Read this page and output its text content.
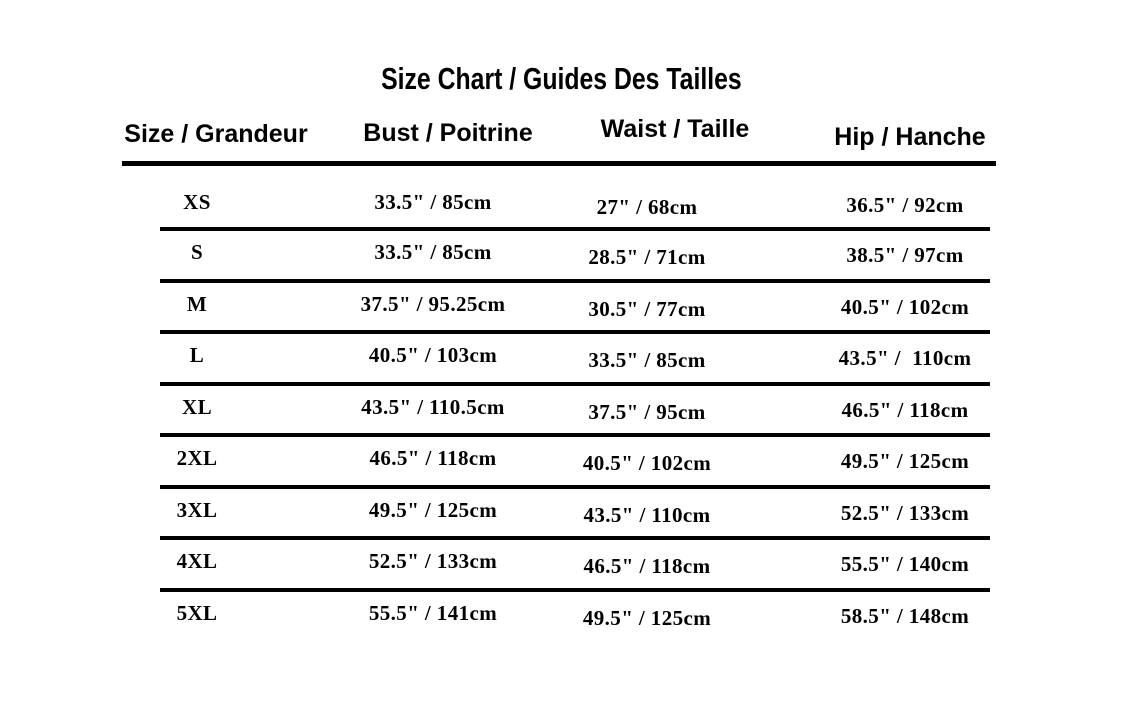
Size Chart / Guides Des Tailles

Size / Grandeur	Bust / Poitrine	Waist / Taille	Hip / Hanche
XS	33.5" / 85cm	27" / 68cm	36.5" / 92cm
S	33.5" / 85cm	28.5" / 71cm	38.5" / 97cm
M	37.5" / 95.25cm	30.5" / 77cm	40.5" / 102cm
L	40.5" / 103cm	33.5" / 85cm	43.5" /  110cm
XL	43.5" / 110.5cm	37.5" / 95cm	46.5" / 118cm
2XL	46.5" / 118cm	40.5" / 102cm	49.5" / 125cm
3XL	49.5" / 125cm	43.5" / 110cm	52.5" / 133cm
4XL	52.5" / 133cm	46.5" / 118cm	55.5" / 140cm
5XL	55.5" / 141cm	49.5" / 125cm	58.5" / 148cm
